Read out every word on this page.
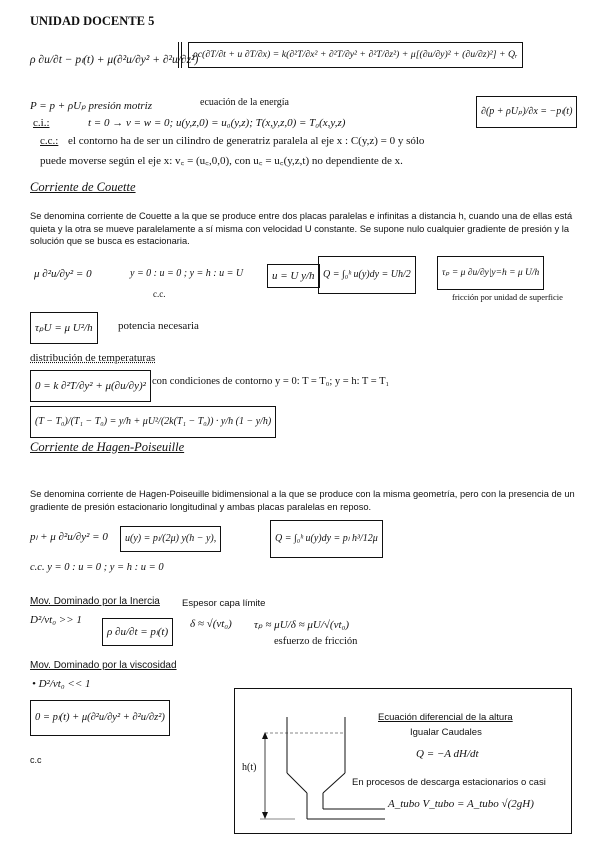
UNIDAD DOCENTE 5
ρ ∂u/∂t − pₗ(t) + μ(∂²u/∂y² + ∂²u/∂z²)
ρc(∂T/∂t + u ∂T/∂x) = k(∂²T/∂x² + ∂²T/∂y² + ∂²T/∂z²) + μ[(∂u/∂y)² + (∂u/∂z)²] + Qᵣ
ecuación de la energía
P = p + ρUₚ presión motriz	∂(p + ρUₚ)/∂x = −pₗ(t)
c.i.:	t = 0 → v = w = 0; u(y,z,0) = u₀(y,z); T(x,y,z,0) = T₀(x,y,z)
c.c.: el contorno ha de ser un cilindro de generatriz paralela al eje x : C(y,z) = 0 y sólo
puede moverse según el eje x: v꜀ = (u꜀,0,0), con u꜀ = u꜀(y,z,t) no dependiente de x.
Corriente de Couette
Se denomina corriente de Couette a la que se produce entre dos placas paralelas e infinitas a distancia h, cuando una de ellas está quieta y la otra se mueve paralelamente a sí misma con velocidad U constante. Se supone nulo cualquier gradiente de presión y la solución que se busca es estacionaria.
μ ∂²u/∂y² = 0	y = 0 : u = 0 ; y = h : u = U
c.c.
u = U y/h Q = ∫₀ʰ u(y)dy = Uh/2	τₚ = μ ∂u/∂y|y=h = μ U/h
fricción por unidad de superficie
τₚU = μ U²/h	potencia necesaria
distribución de temperaturas
0 = k ∂²T/∂y² + μ(∂u/∂y)² con condiciones de contorno y = 0: T = T₀; y = h: T = T₁
(T − T₀)/(T₁ − T₀) = y/h + μU²/(2k(T₁ − T₀)) · y/h (1 − y/h)
Corriente de Hagen-Poiseuille
Se denomina corriente de Hagen-Poiseuille bidimensional a la que se produce con la misma geometría, pero con la presencia de un gradiente de presión estacionario longitudinal y ambas placas paralelas en reposo.
pₗ + μ ∂²u/∂y² = 0	u(y) = pₗ/(2μ) y(h − y),	Q = ∫₀ʰ u(y)dy = pₗ h³/12μ
c.c. y = 0 : u = 0 ; y = h : u = 0
Mov. Dominado por la Inercia
D²/νt₀ >> 1
ρ ∂u/∂t = pₗ(t)
Espesor capa límite
δ ≈ √(νt₀) τₚ ≈ μU/δ ≈ μU/√(νt₀)
esfuerzo de fricción
Mov. Dominado por la viscosidad
• D²/νt₀ << 1
0 = pₗ(t) + μ(∂²u/∂y² + ∂²u/∂z²)
c.c
h(t)
Ecuación diferencial de la altura
Igualar Caudales
Q = −A dH/dt
En procesos de descarga estacionarios o casi
A_tubo V_tubo = A_tubo √(2gH)
